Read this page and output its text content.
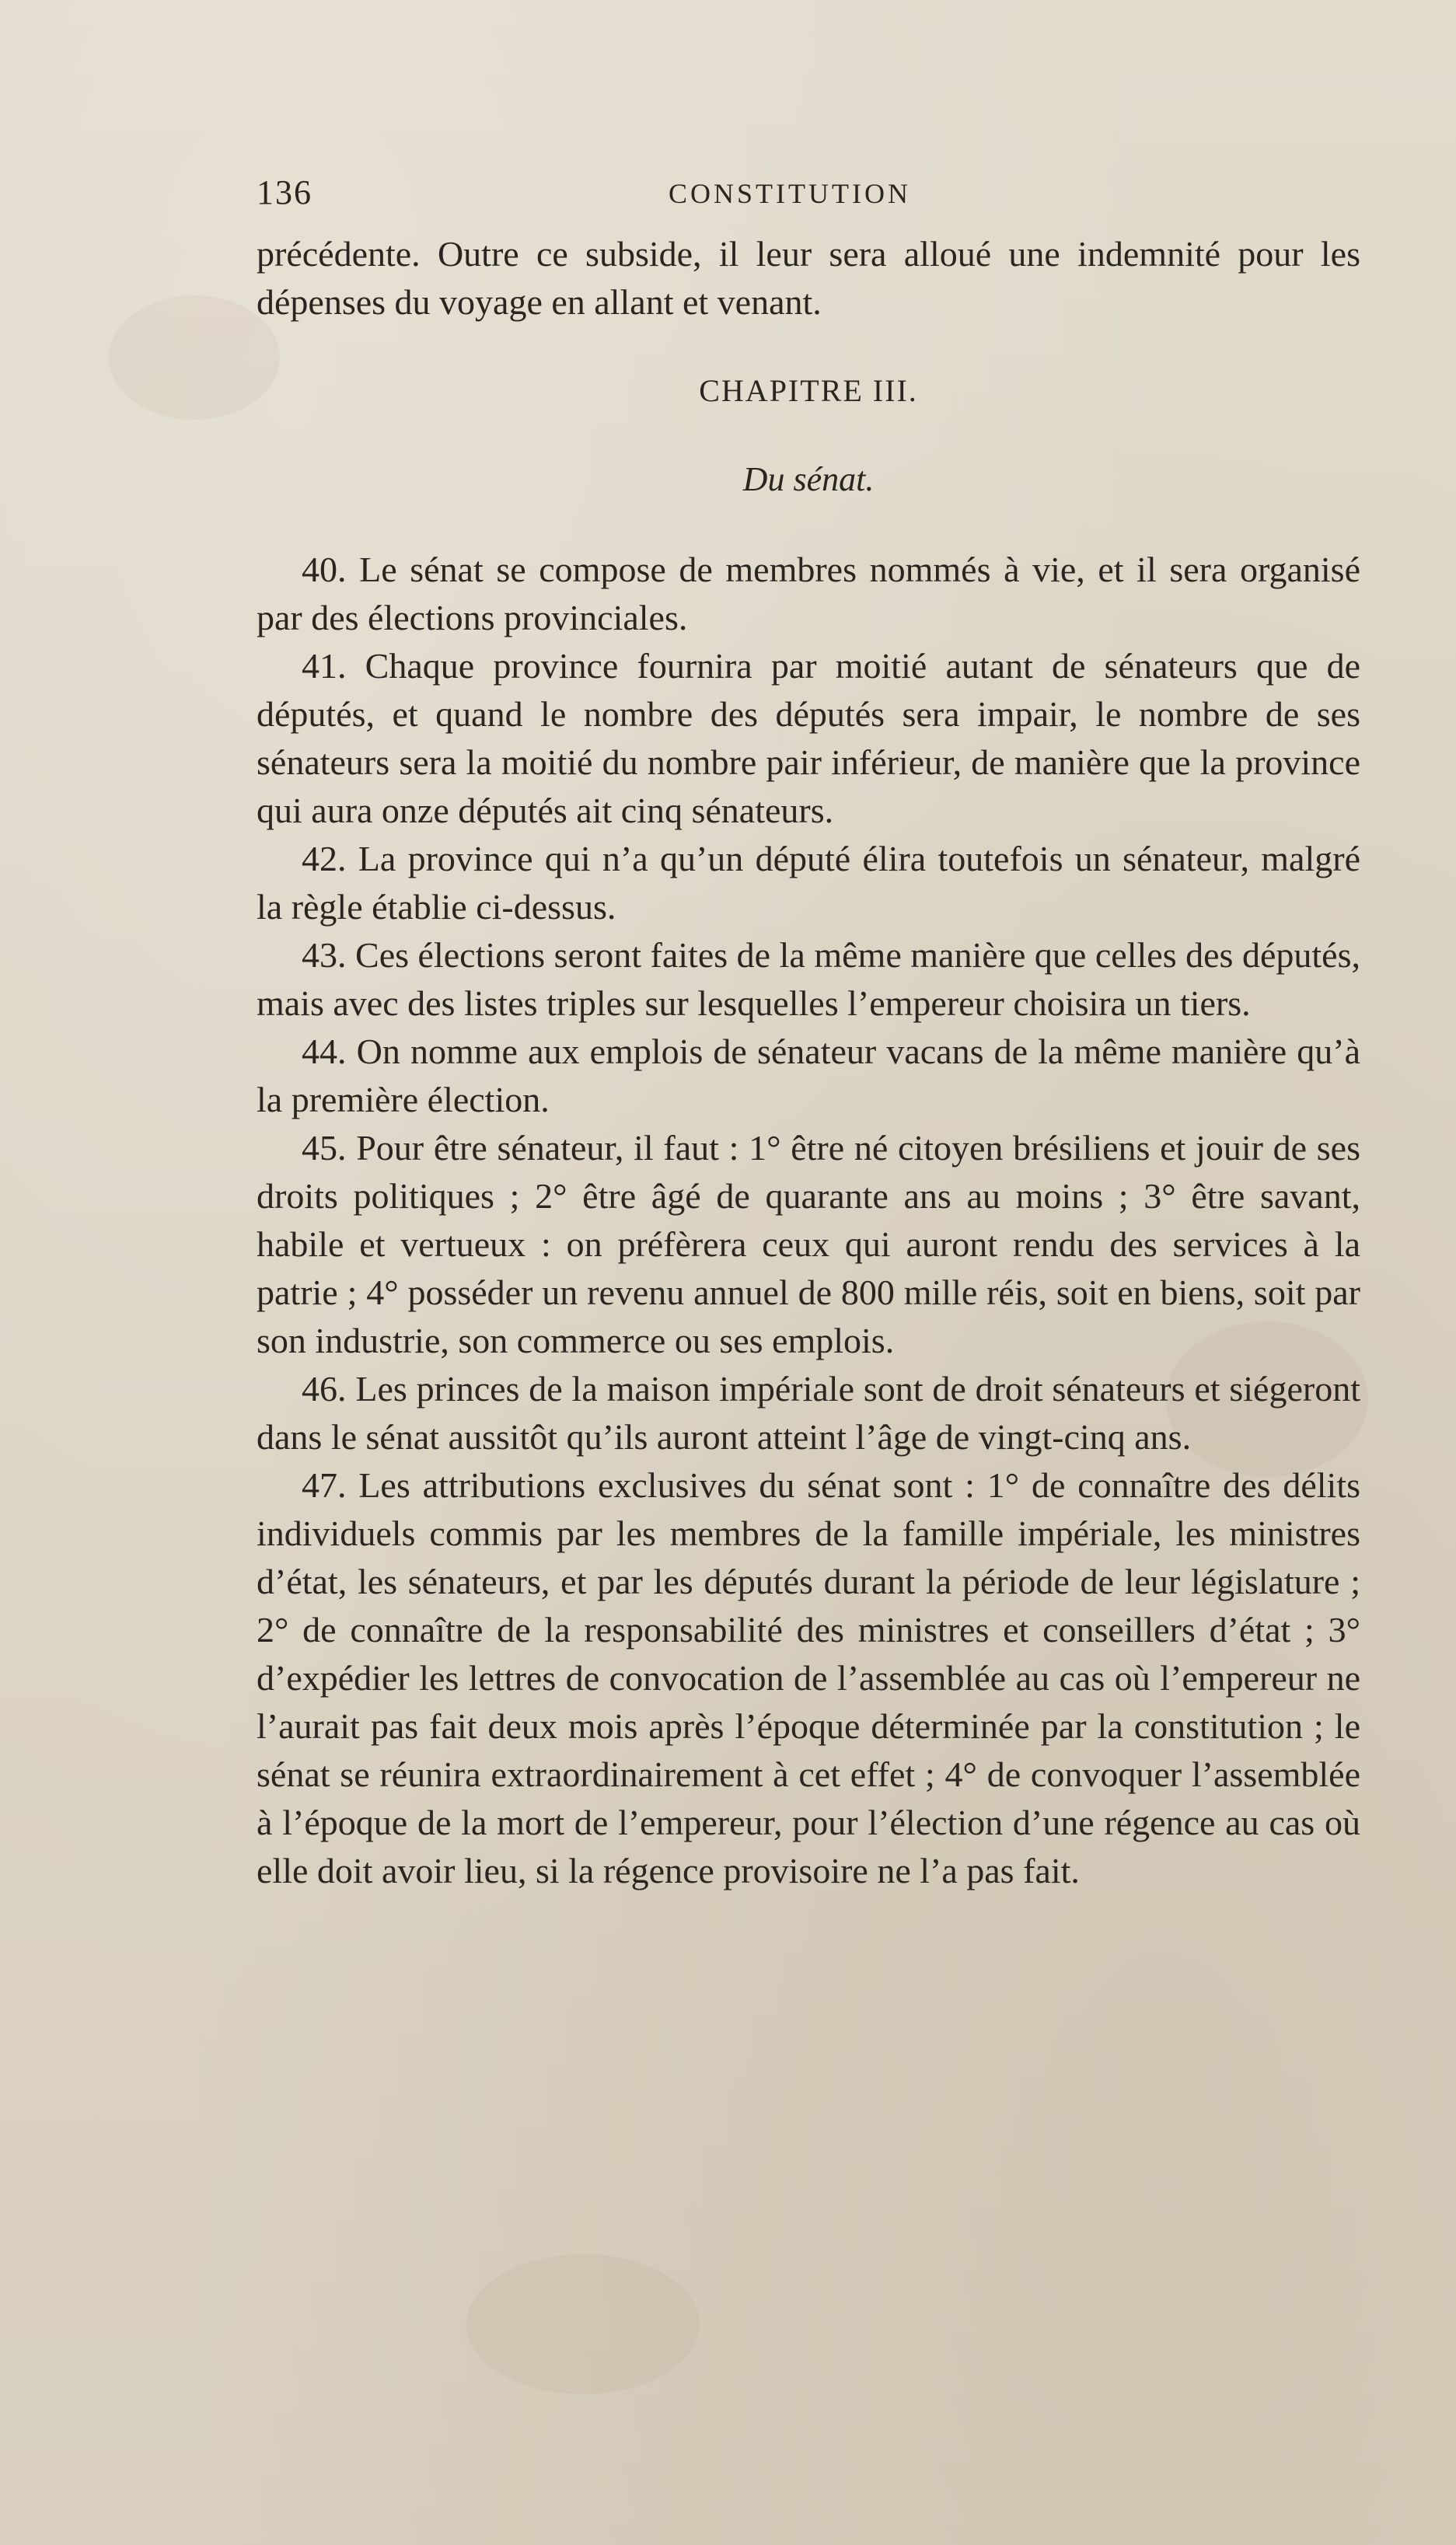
136	CONSTITUTION

précédente. Outre ce subside, il leur sera alloué une indemnité pour les dépenses du voyage en allant et venant.

CHAPITRE III.

Du sénat.

40. Le sénat se compose de membres nommés à vie, et il sera organisé par des élections provinciales.

41. Chaque province fournira par moitié autant de sénateurs que de députés, et quand le nombre des députés sera impair, le nombre de ses sénateurs sera la moitié du nombre pair inférieur, de manière que la province qui aura onze députés ait cinq sénateurs.

42. La province qui n’a qu’un député élira toutefois un sénateur, malgré la règle établie ci-dessus.

43. Ces élections seront faites de la même manière que celles des députés, mais avec des listes triples sur lesquelles l’empereur choisira un tiers.

44. On nomme aux emplois de sénateur vacans de la même manière qu’à la première élection.

45. Pour être sénateur, il faut : 1° être né citoyen brésiliens et jouir de ses droits politiques ; 2° être âgé de quarante ans au moins ; 3° être savant, habile et vertueux : on préfèrera ceux qui auront rendu des services à la patrie ; 4° posséder un revenu annuel de 800 mille réis, soit en biens, soit par son industrie, son commerce ou ses emplois.

46. Les princes de la maison impériale sont de droit sénateurs et siégeront dans le sénat aussitôt qu’ils auront atteint l’âge de vingt-cinq ans.

47. Les attributions exclusives du sénat sont : 1° de connaître des délits individuels commis par les membres de la famille impériale, les ministres d’état, les sénateurs, et par les députés durant la période de leur législature ; 2° de connaître de la responsabilité des ministres et conseillers d’état ; 3° d’expédier les lettres de convocation de l’assemblée au cas où l’empereur ne l’aurait pas fait deux mois après l’époque déterminée par la constitution ; le sénat se réunira extraordinairement à cet effet ; 4° de convoquer l’assemblée à l’époque de la mort de l’empereur, pour l’élection d’une régence au cas où elle doit avoir lieu, si la régence provisoire ne l’a pas fait.
